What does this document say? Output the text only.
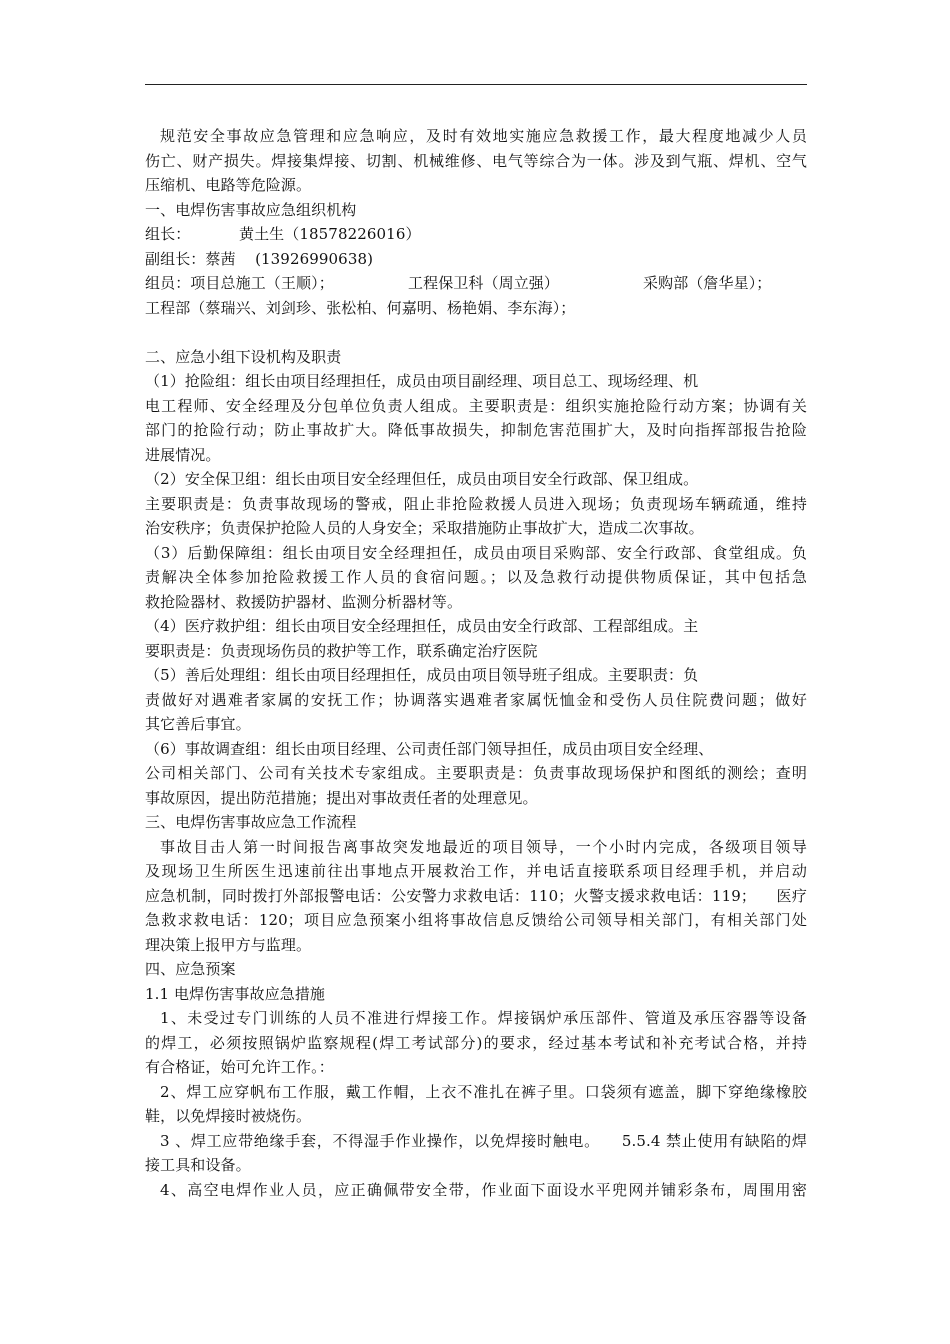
规范安全事故应急管理和应急响应，及时有效地实施应急救援工作，最大程度地减少人员
伤亡、财产损失。焊接集焊接、切割、机械维修、电气等综合为一体。涉及到气瓶、焊机、空气
压缩机、电路等危险源。
一、电焊伤害事故应急组织机构
组长：          黄土生（18578226016）
副组长：蔡茜    (13926990638)
组员：项目总施工（王顺）；	工程保卫科（周立强）	采购部（詹华星）；
工程部（蔡瑞兴、刘剑珍、张松柏、何嘉明、杨艳娟、李东海）；
二、应急小组下设机构及职责
（1）抢险组：组长由项目经理担任，成员由项目副经理、项目总工、现场经理、机
电工程师、安全经理及分包单位负责人组成。主要职责是：组织实施抢险行动方案；协调有关
部门的抢险行动；防止事故扩大。降低事故损失，抑制危害范围扩大，及时向指挥部报告抢险
进展情况。
（2）安全保卫组：组长由项目安全经理但任，成员由项目安全行政部、保卫组成。
主要职责是：负责事故现场的警戒，阻止非抢险救援人员进入现场；负责现场车辆疏通，维持
治安秩序；负责保护抢险人员的人身安全；采取措施防止事故扩大，造成二次事故。
（3）后勤保障组：组长由项目安全经理担任，成员由项目采购部、安全行政部、食堂组成。负
责解决全体参加抢险救援工作人员的食宿问题。；以及急救行动提供物质保证，其中包括急
救抢险器材、救援防护器材、监测分析器材等。
（4）医疗救护组：组长由项目安全经理担任，成员由安全行政部、工程部组成。主
要职责是：负责现场伤员的救护等工作，联系确定治疗医院
（5）善后处理组：组长由项目经理担任，成员由项目领导班子组成。主要职责：负
责做好对遇难者家属的安抚工作；协调落实遇难者家属怃恤金和受伤人员住院费问题；做好
其它善后事宜。
（6）事故调查组：组长由项目经理、公司责任部门领导担任，成员由项目安全经理、
公司相关部门、公司有关技术专家组成。主要职责是：负责事故现场保护和图纸的测绘；查明
事故原因，提出防范措施；提出对事故责任者的处理意见。
三、电焊伤害事故应急工作流程
事故目击人第一时间报告离事故突发地最近的项目领导，一个小时内完成，各级项目领导
及现场卫生所医生迅速前往出事地点开展救治工作，并电话直接联系项目经理手机，并启动
应急机制，同时拨打外部报警电话：公安警力求救电话：110；火警支援求救电话：119；    医疗
急救求救电话：120；项目应急预案小组将事故信息反馈给公司领导相关部门，有相关部门处
理决策上报甲方与监理。
四、应急预案
1.1 电焊伤害事故应急措施
1、未受过专门训练的人员不准进行焊接工作。焊接锅炉承压部件、管道及承压容器等设备
的焊工，必须按照锅炉监察规程(焊工考试部分)的要求，经过基本考试和补充考试合格，并持
有合格证，始可允许工作。：
2、焊工应穿帆布工作服，戴工作帽，上衣不准扎在裤子里。口袋须有遮盖，脚下穿绝缘橡胶
鞋，以免焊接时被烧伤。
3 、焊工应带绝缘手套，不得湿手作业操作，以免焊接时触电。    5.5.4 禁止使用有缺陷的焊
接工具和设备。
4、高空电焊作业人员，应正确佩带安全带，作业面下面设水平兜网并铺彩条布，周围用密
